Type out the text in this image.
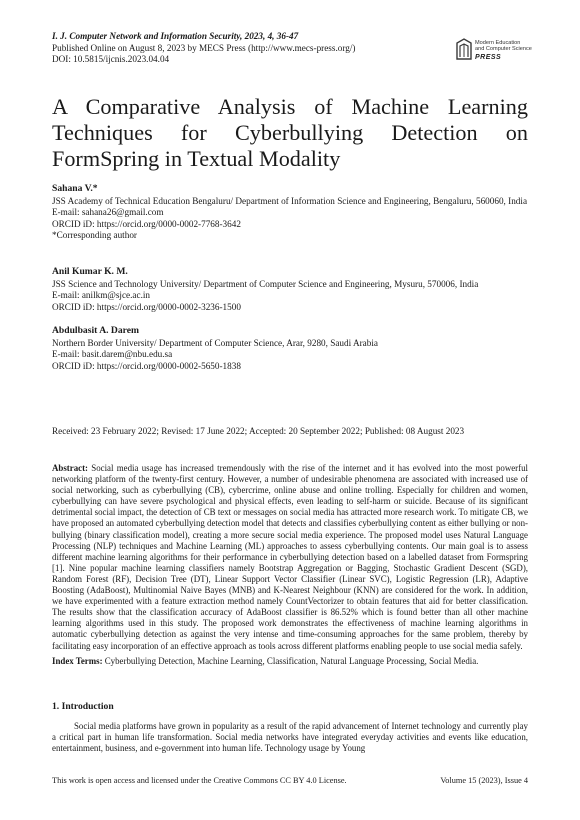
I. J. Computer Network and Information Security, 2023, 4, 36-47
Published Online on August 8, 2023 by MECS Press (http://www.mecs-press.org/)
DOI: 10.5815/ijcnis.2023.04.04
Modern Education
and Computer Science
PRESS
A Comparative Analysis of Machine Learning
Techniques for Cyberbullying Detection on
FormSpring in Textual Modality
Sahana V.*
JSS Academy of Technical Education Bengaluru/ Department of Information Science and Engineering, Bengaluru, 560060, India
E-mail: sahana26@gmail.com
ORCID iD: https://orcid.org/0000-0002-7768-3642
*Corresponding author
Anil Kumar K. M.
JSS Science and Technology University/ Department of Computer Science and Engineering, Mysuru, 570006, India
E-mail: anilkm@sjce.ac.in
ORCID iD: https://orcid.org/0000-0002-3236-1500
Abdulbasit A. Darem
Northern Border University/ Department of Computer Science, Arar, 9280, Saudi Arabia
E-mail: basit.darem@nbu.edu.sa
ORCID iD: https://orcid.org/0000-0002-5650-1838
Received: 23 February 2022; Revised: 17 June 2022; Accepted: 20 September 2022; Published: 08 August 2023
Abstract: Social media usage has increased tremendously with the rise of the internet and it has evolved into the most powerful networking platform of the twenty-first century. However, a number of undesirable phenomena are associated with increased use of social networking, such as cyberbullying (CB), cybercrime, online abuse and online trolling. Especially for children and women, cyberbullying can have severe psychological and physical effects, even leading to self-harm or suicide. Because of its significant detrimental social impact, the detection of CB text or messages on social media has attracted more research work. To mitigate CB, we have proposed an automated cyberbullying detection model that detects and classifies cyberbullying content as either bullying or non-bullying (binary classification model), creating a more secure social media experience. The proposed model uses Natural Language Processing (NLP) techniques and Machine Learning (ML) approaches to assess cyberbullying contents. Our main goal is to assess different machine learning algorithms for their performance in cyberbullying detection based on a labelled dataset from Formspring [1]. Nine popular machine learning classifiers namely Bootstrap Aggregation or Bagging, Stochastic Gradient Descent (SGD), Random Forest (RF), Decision Tree (DT), Linear Support Vector Classifier (Linear SVC), Logistic Regression (LR), Adaptive Boosting (AdaBoost), Multinomial Naive Bayes (MNB) and K-Nearest Neighbour (KNN) are considered for the work. In addition, we have experimented with a feature extraction method namely CountVectorizer to obtain features that aid for better classification. The results show that the classification accuracy of AdaBoost classifier is 86.52% which is found better than all other machine learning algorithms used in this study. The proposed work demonstrates the effectiveness of machine learning algorithms in automatic cyberbullying detection as against the very intense and time-consuming approaches for the same problem, thereby by facilitating easy incorporation of an effective approach as tools across different platforms enabling people to use social media safely.
Index Terms: Cyberbullying Detection, Machine Learning, Classification, Natural Language Processing, Social Media.
1. Introduction
Social media platforms have grown in popularity as a result of the rapid advancement of Internet technology and currently play a critical part in human life transformation. Social media networks have integrated everyday activities and events like education, entertainment, business, and e-government into human life. Technology usage by Young
This work is open access and licensed under the Creative Commons CC BY 4.0 License.	Volume 15 (2023), Issue 4
